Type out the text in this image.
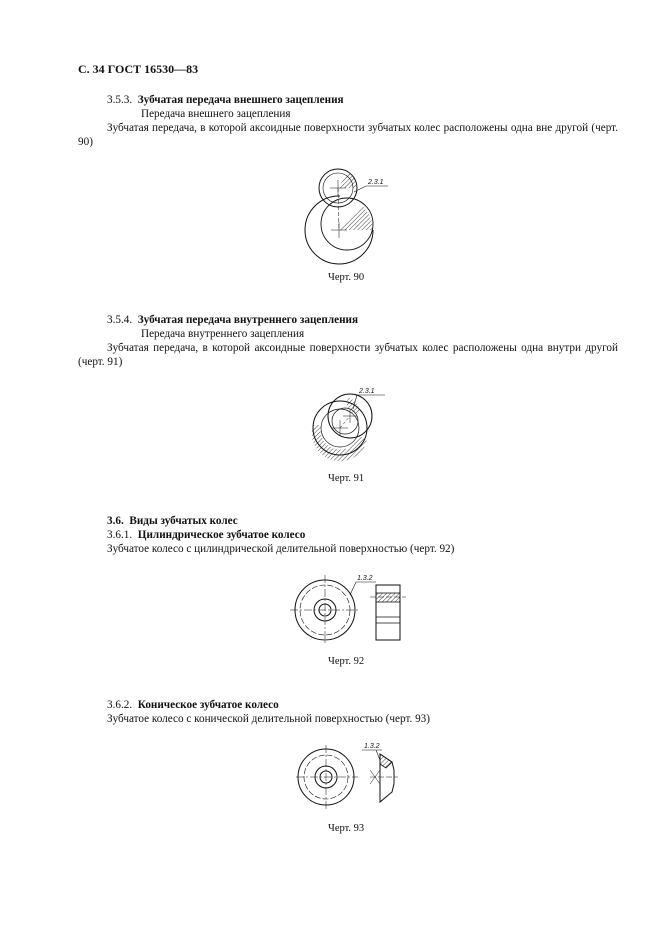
С. 34 ГОСТ 16530—83
3.5.3. Зубчатая передача внешнего зацепления
Передача внешнего зацепления
Зубчатая передача, в которой аксоидные поверхности зубчатых колес расположены одна вне другой (черт. 90)
2.3.1
Черт. 90
3.5.4. Зубчатая передача внутреннего зацепления
Передача внутреннего зацепления
Зубчатая передача, в которой аксоидные поверхности зубчатых колес расположены одна внутри другой (черт. 91)
2.3.1
Черт. 91
3.6. Виды зубчатых колес
3.6.1. Цилиндрическое зубчатое колесо
Зубчатое колесо с цилиндрической делительной поверхностью (черт. 92)
1.3.2
Черт. 92
3.6.2. Коническое зубчатое колесо
Зубчатое колесо с конической делительной поверхностью (черт. 93)
1.3.2
Черт. 93
